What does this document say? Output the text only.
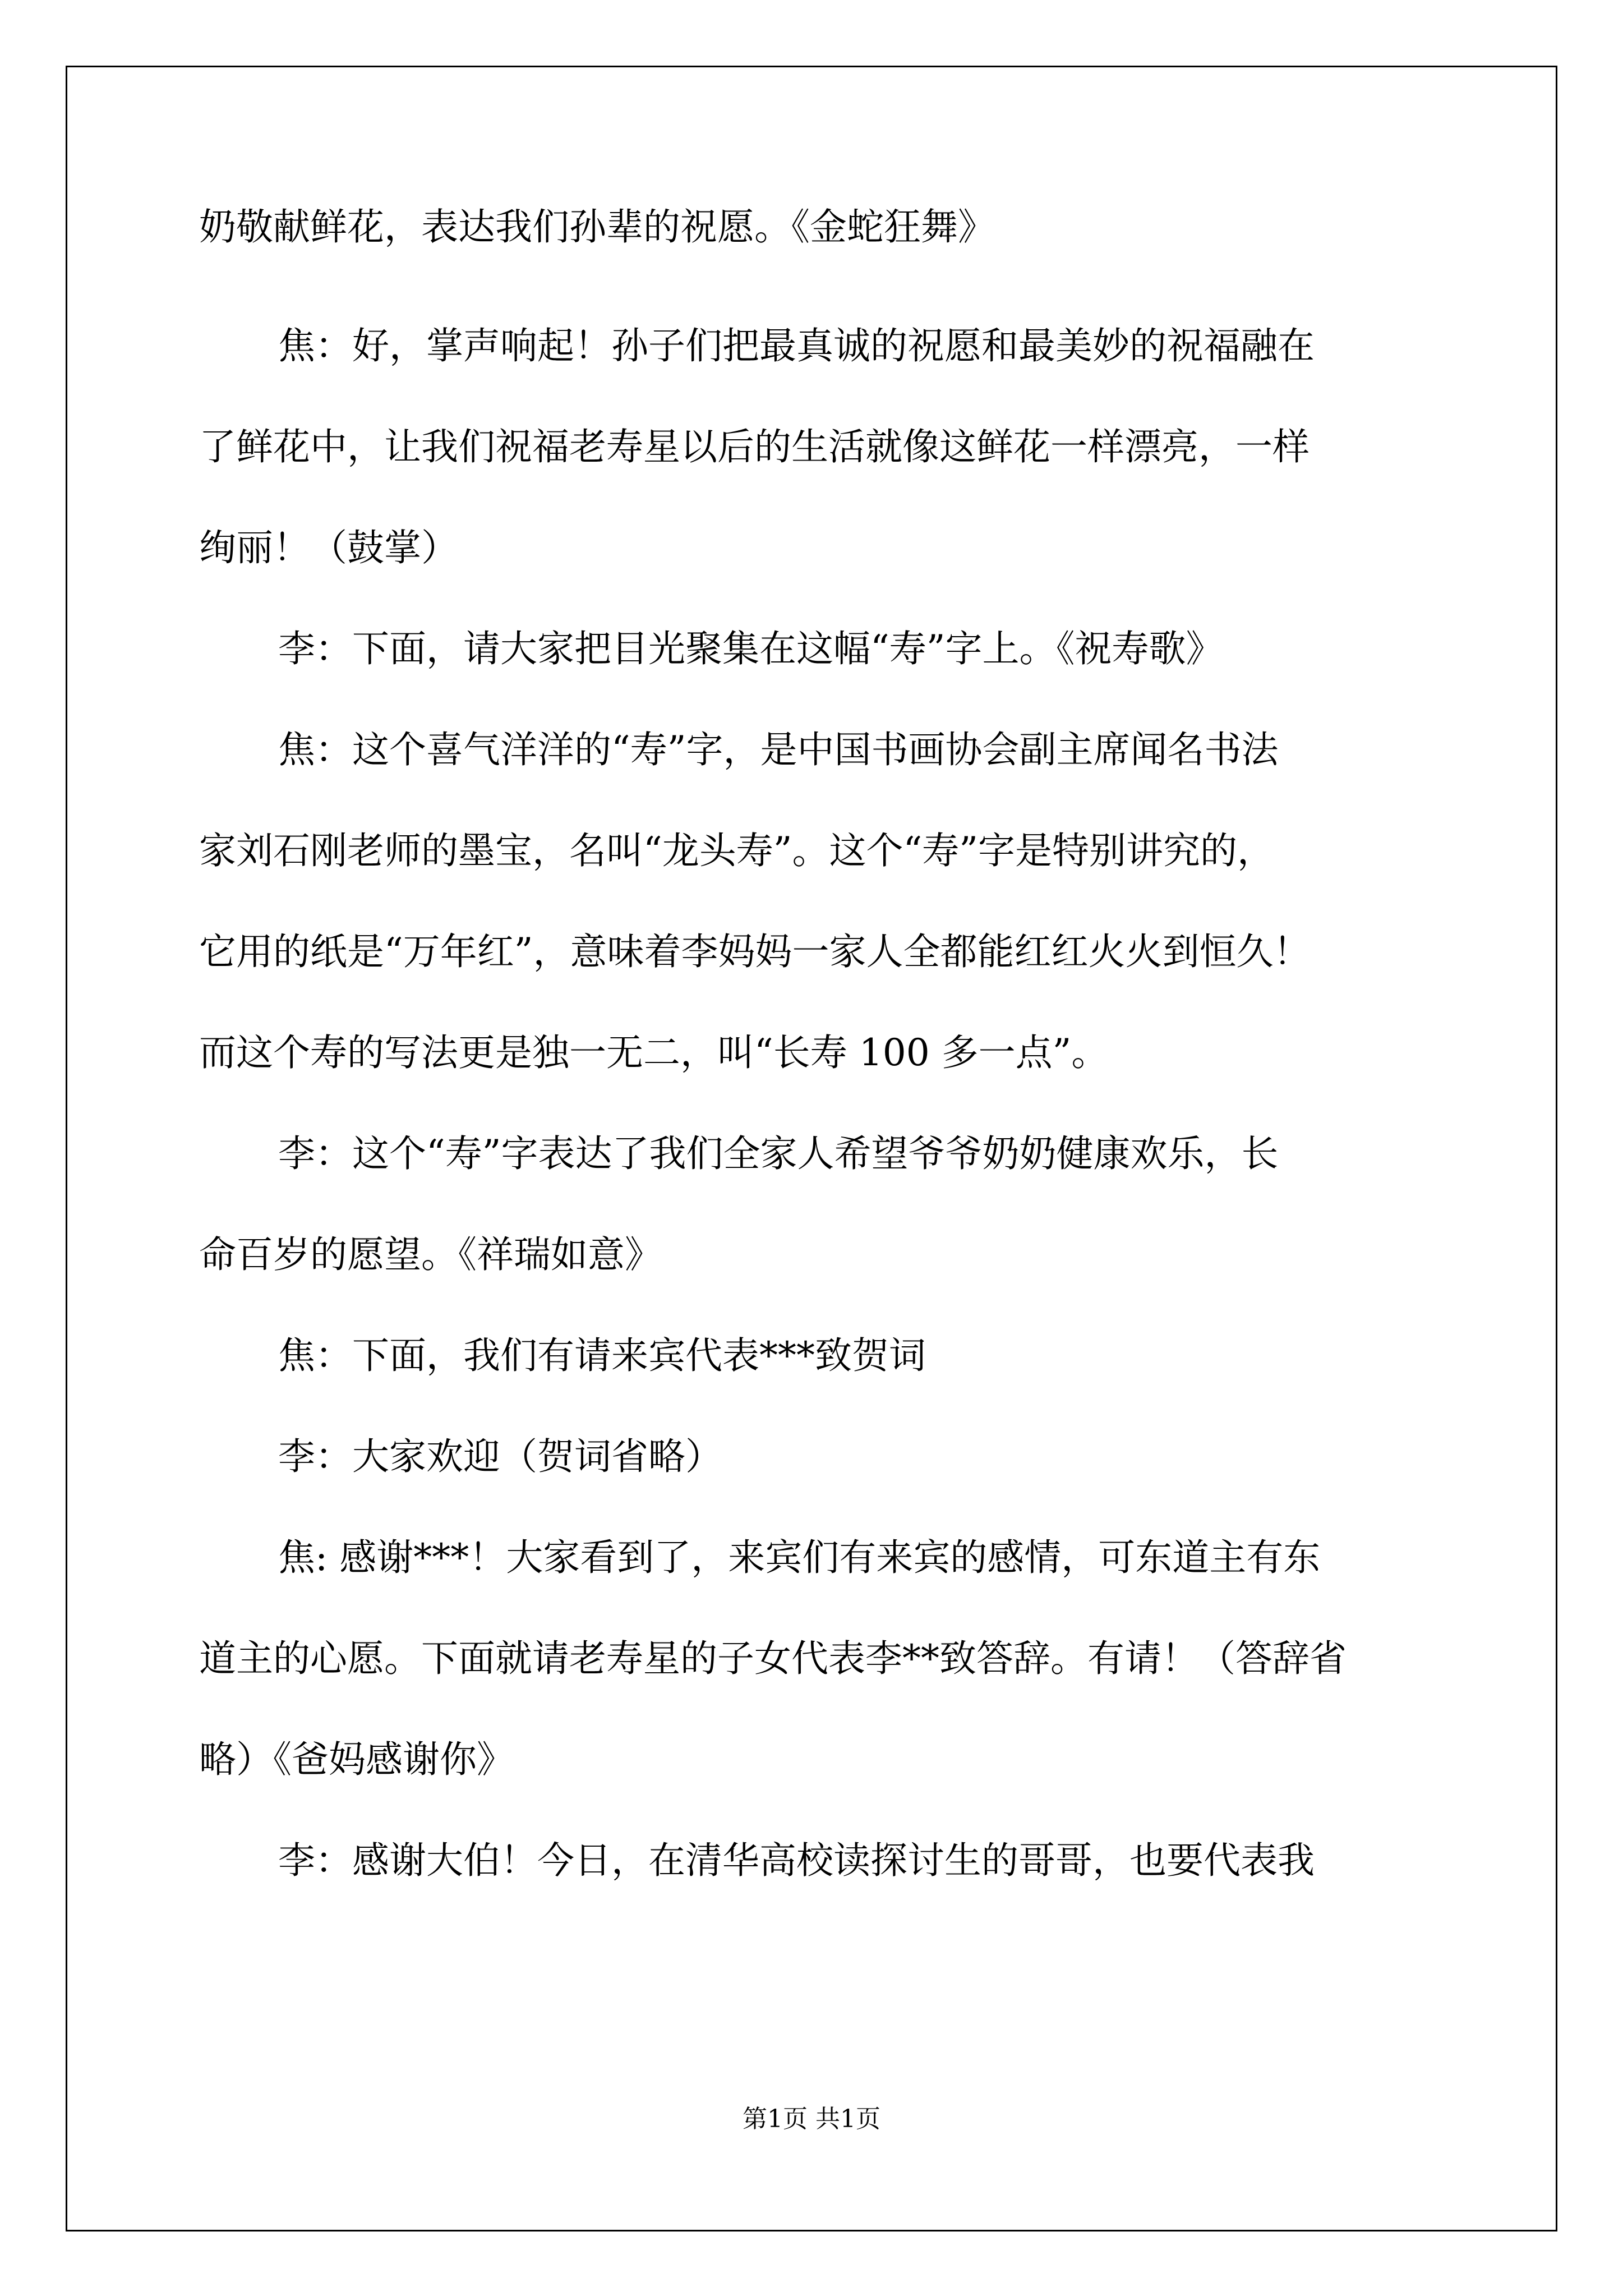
奶敬献鲜花，表达我们孙辈的祝愿。《金蛇狂舞》
焦：好，掌声响起！孙子们把最真诚的祝愿和最美妙的祝福融在
了鲜花中，让我们祝福老寿星以后的生活就像这鲜花一样漂亮，一样
绚丽！（鼓掌）
李：下面，请大家把目光聚集在这幅“寿”字上。《祝寿歌》
焦：这个喜气洋洋的“寿”字，是中国书画协会副主席闻名书法
家刘石刚老师的墨宝，名叫“龙头寿”。这个“寿”字是特别讲究的，
它用的纸是“万年红”，意味着李妈妈一家人全都能红红火火到恒久！
而这个寿的写法更是独一无二，叫“长寿 100 多一点”。
李：这个“寿”字表达了我们全家人希望爷爷奶奶健康欢乐，长
命百岁的愿望。《祥瑞如意》
焦：下面，我们有请来宾代表***致贺词
李：大家欢迎（贺词省略）
焦: 感谢***！大家看到了，来宾们有来宾的感情，可东道主有东
道主的心愿。下面就请老寿星的子女代表李**致答辞。有请！（答辞省
略）《爸妈感谢你》
李：感谢大伯！今日，在清华高校读探讨生的哥哥，也要代表我
第1页 共1页
